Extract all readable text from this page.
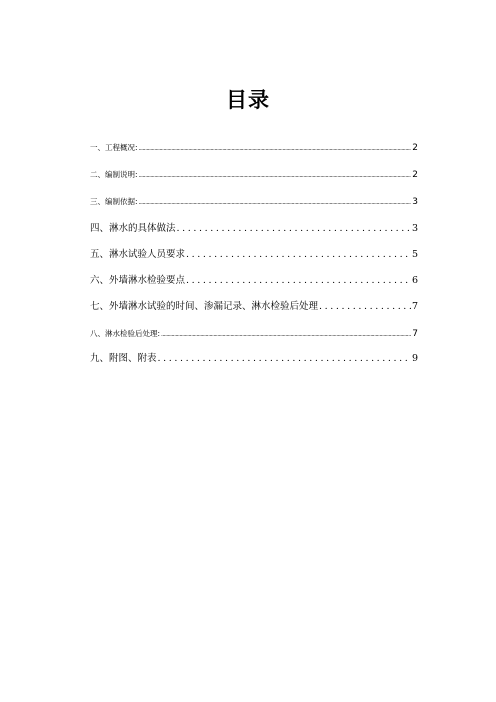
目录
一、工程概况: .....	2
二、编制说明: .....	2
三、编制依据: .....	3
四、淋水的具体做法 .....	3
五、淋水试验人员要求 .....	5
六、外墙淋水检验要点 .....	6
七、外墙淋水试验的时间、渗漏记录、淋水检验后处理 .....	7
八、淋水检验后处理: .....	7
九、附图、附表 .....	9
